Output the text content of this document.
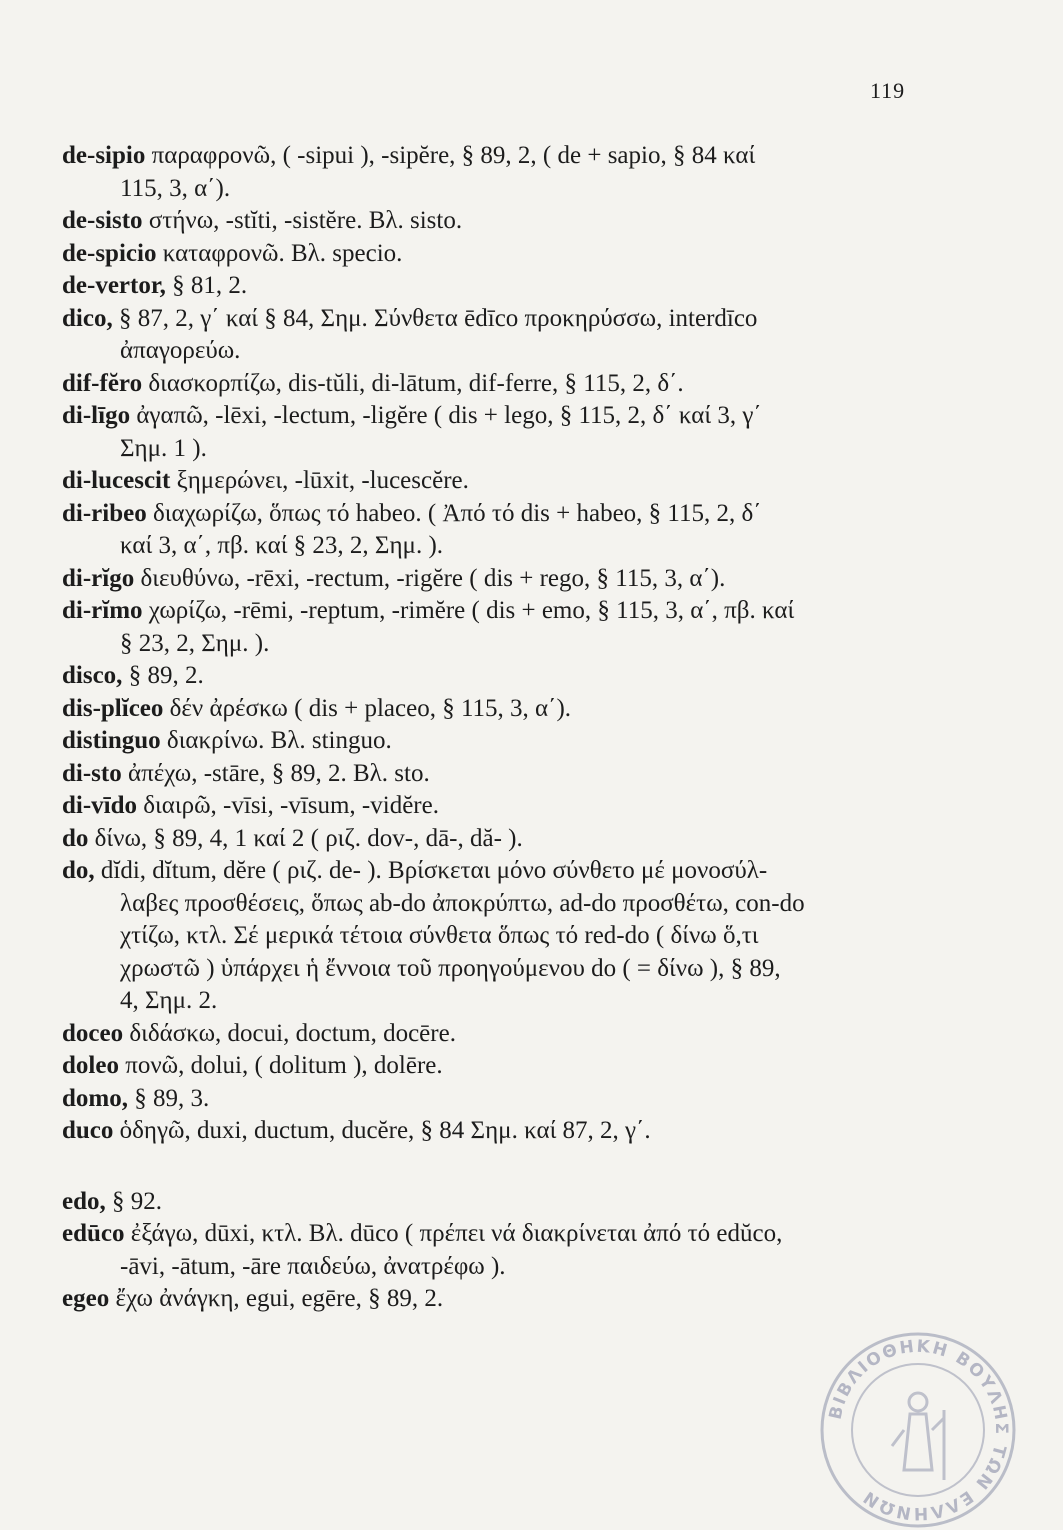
119
de-sipio παραφρονῶ, ( -sipui ), -sipĕre, § 89, 2, ( de + sapio, § 84 καί
115, 3, α΄).
de-sisto στήνω, -stĭti, -sistĕre. Βλ. sisto.
de-spicio καταφρονῶ. Βλ. specio.
de-vertor, § 81, 2.
dico, § 87, 2, γ΄ καί § 84, Σημ. Σύνθετα ēdīco προκηρύσσω, interdīco
ἀπαγορεύω.
dif-fĕro διασκορπίζω, dis-tŭli, di-lātum, dif-ferre, § 115, 2, δ΄.
di-līgo ἀγαπῶ, -lēxi, -lectum, -ligĕre ( dis + lego, § 115, 2, δ΄ καί 3, γ΄
Σημ. 1 ).
di-lucescit ξημερώνει, -lūxit, -lucescĕre.
di-ribeo διαχωρίζω, ὅπως τό habeo. ( Ἀπό τό dis + habeo, § 115, 2, δ΄
καί 3, α΄, πβ. καί § 23, 2, Σημ. ).
di-rĭgo διευθύνω, -rēxi, -rectum, -rigĕre ( dis + rego, § 115, 3, α΄).
di-rĭmo χωρίζω, -rēmi, -reptum, -rimĕre ( dis + emo, § 115, 3, α΄, πβ. καί
§ 23, 2, Σημ. ).
disco, § 89, 2.
dis-plĭceo δέν ἀρέσκω ( dis + placeo, § 115, 3, α΄).
distinguo διακρίνω. Βλ. stinguo.
di-sto ἀπέχω, -stāre, § 89, 2. Βλ. sto.
di-vīdo διαιρῶ, -vīsi, -vīsum, -vidĕre.
do δίνω, § 89, 4, 1 καί 2 ( ριζ. dov-, dā-, dă- ).
do, dĭdi, dĭtum, dĕre ( ριζ. de- ). Βρίσκεται μόνο σύνθετο μέ μονοσύλ-
λαβες προσθέσεις, ὅπως ab-do ἀποκρύπτω, ad-do προσθέτω, con-do
χτίζω, κτλ. Σέ μερικά τέτοια σύνθετα ὅπως τό red-do ( δίνω ὅ,τι
χρωστῶ ) ὑπάρχει ἡ ἔννοια τοῦ προηγούμενου do ( = δίνω ), § 89,
4, Σημ. 2.
doceo διδάσκω, docui, doctum, docēre.
doleo πονῶ, dolui, ( dolitum ), dolēre.
domo, § 89, 3.
duco ὁδηγῶ, duxi, ductum, ducĕre, § 84 Σημ. καί 87, 2, γ΄.
edo, § 92.
edūco ἐξάγω, dūxi, κτλ. Βλ. dūco ( πρέπει νά διακρίνεται ἀπό τό edŭco,
-āvi, -ātum, -āre παιδεύω, ἀνατρέφω ).
egeo ἔχω ἀνάγκη, egui, egēre, § 89, 2.
ΒΙΒΛΙΟΘΗΚΗ ΒΟΥΛΗΣ ΤΩΝ ΕΛΛΗΝΩΝ
